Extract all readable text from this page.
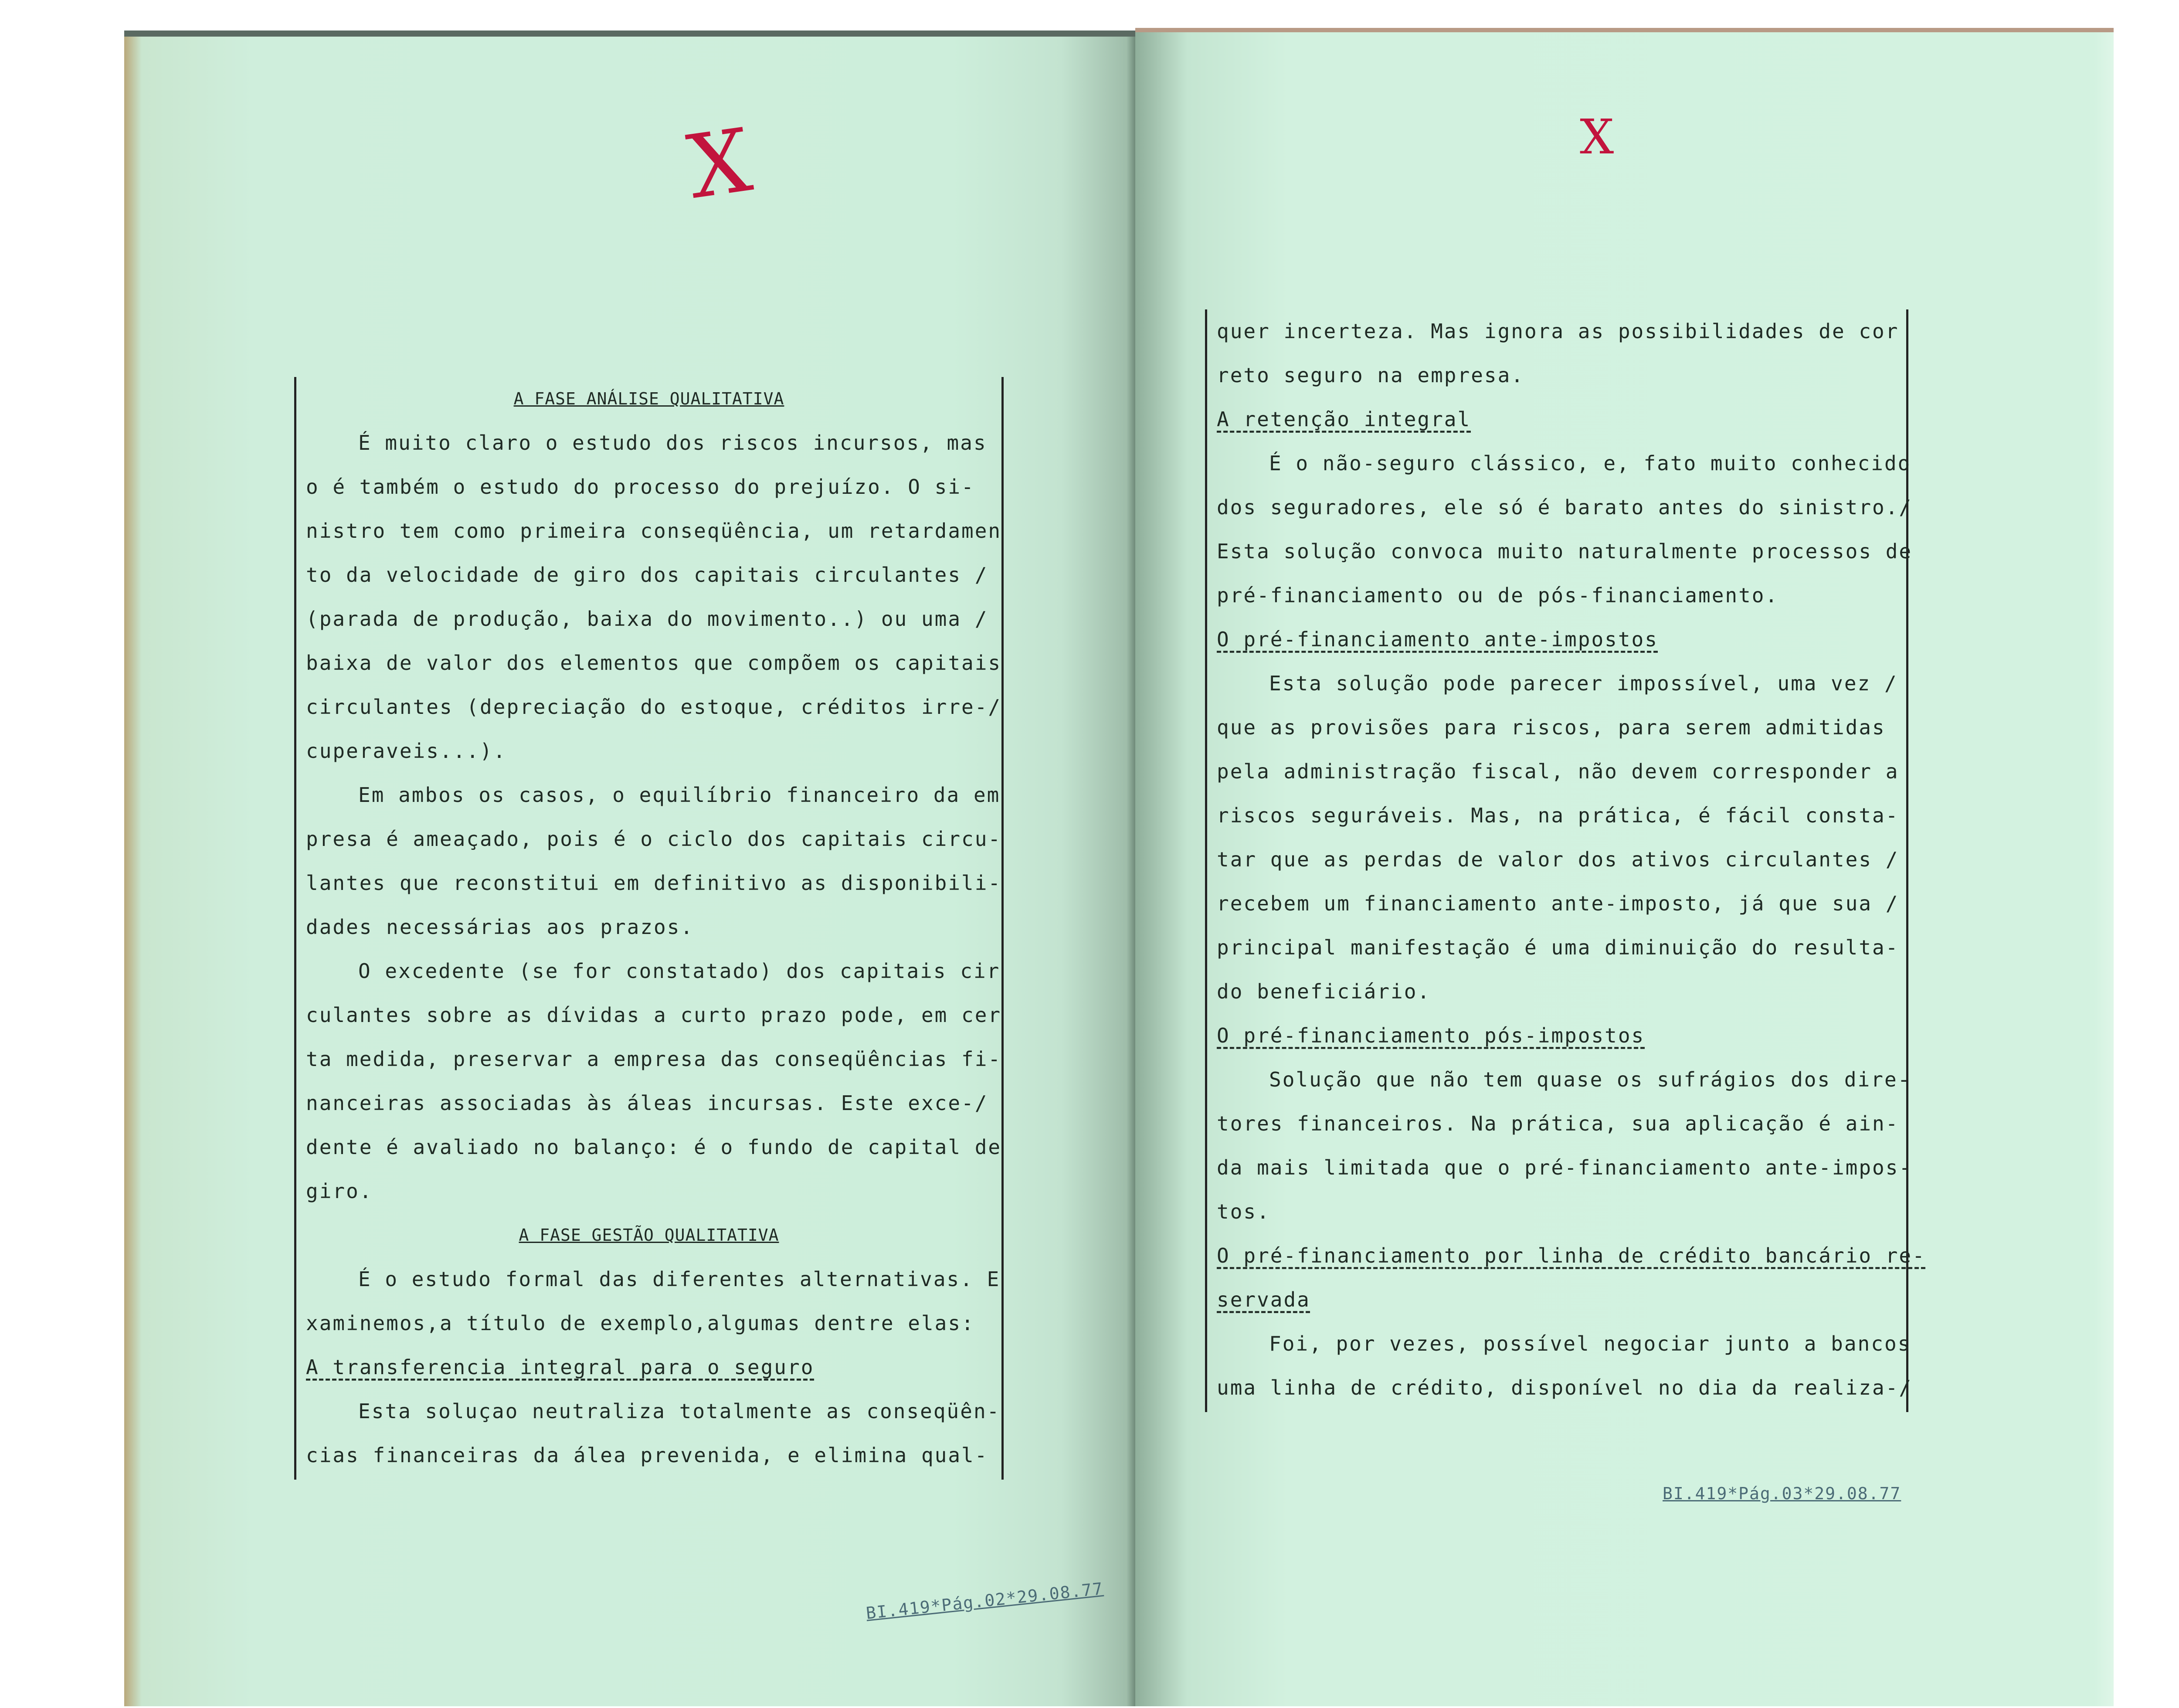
X	X

A FASE ANÁLISE QUALITATIVA

É muito claro o estudo dos riscos incursos, mas

o é também o estudo do processo do prejuízo. O si-

nistro tem como primeira conseqüência, um retardamen

to da velocidade de giro dos capitais circulantes /

(parada de produção, baixa do movimento..) ou uma /

baixa de valor dos elementos que compõem os capitais

circulantes (depreciação do estoque, créditos irre-/

cuperaveis...).

Em ambos os casos, o equilíbrio financeiro da em

presa é ameaçado, pois é o ciclo dos capitais circu-

lantes que reconstitui em definitivo as disponibili-

dades necessárias aos prazos.

O excedente (se for constatado) dos capitais cir

culantes sobre as dívidas a curto prazo pode, em cer

ta medida, preservar a empresa das conseqüências fi-

nanceiras associadas às áleas incursas. Este exce-/

dente é avaliado no balanço: é o fundo de capital de

giro.

A FASE GESTÃO QUALITATIVA

É o estudo formal das diferentes alternativas. E

xaminemos,a título de exemplo,algumas dentre elas:

A transferencia integral para o seguro

Esta soluçao neutraliza totalmente as conseqüên-

cias financeiras da álea prevenida, e elimina qual-

BI.419*Pág.02*29.08.77

quer incerteza. Mas ignora as possibilidades de cor

reto seguro na empresa.

A retenção integral

É o não-seguro clássico, e, fato muito conhecido

dos seguradores, ele só é barato antes do sinistro./

Esta solução convoca muito naturalmente processos de

pré-financiamento ou de pós-financiamento.

O pré-financiamento ante-impostos

Esta solução pode parecer impossível, uma vez /

que as provisões para riscos, para serem admitidas

pela administração fiscal, não devem corresponder a

riscos seguráveis. Mas, na prática, é fácil consta-

tar que as perdas de valor dos ativos circulantes /

recebem um financiamento ante-imposto, já que sua /

principal manifestação é uma diminuição do resulta-

do beneficiário.

O pré-financiamento pós-impostos

Solução que não tem quase os sufrágios dos dire-

tores financeiros. Na prática, sua aplicação é ain-

da mais limitada que o pré-financiamento ante-impos-

tos.

O pré-financiamento por linha de crédito bancário re-

servada

Foi, por vezes, possível negociar junto a bancos

uma linha de crédito, disponível no dia da realiza-/

BI.419*Pág.03*29.08.77
